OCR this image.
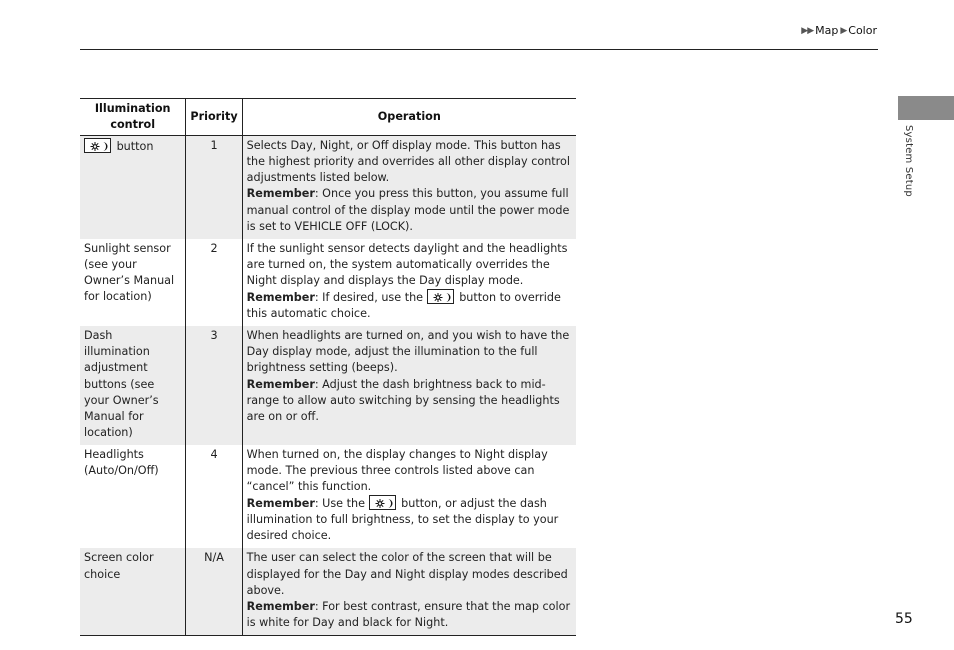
▶▶ Map ▶ Color
System Setup
Illumination control	Priority	Operation

button	1	Selects Day, Night, or Off display mode. This button has the highest priority and overrides all other display control adjustments listed below.
Remember: Once you press this button, you assume full manual control of the display mode until the power mode is set to VEHICLE OFF (LOCK).
Sunlight sensor (see your Owner’s Manual for location)	2	If the sunlight sensor detects daylight and the headlights are turned on, the system automatically overrides the Night display and displays the Day display mode.
Remember: If desired, use the button to override this automatic choice.
Dash illumination adjustment buttons (see your Owner’s Manual for location)	3	When headlights are turned on, and you wish to have the Day display mode, adjust the illumination to the full brightness setting (beeps).
Remember: Adjust the dash brightness back to mid-range to allow auto switching by sensing the headlights are on or off.
Headlights (Auto/On/Off)	4	When turned on, the display changes to Night display mode. The previous three controls listed above can “cancel” this function.
Remember: Use the button, or adjust the dash illumination to full brightness, to set the display to your desired choice.
Screen color choice	N/A	The user can select the color of the screen that will be displayed for the Day and Night display modes described above.
Remember: For best contrast, ensure that the map color is white for Day and black for Night.	55
